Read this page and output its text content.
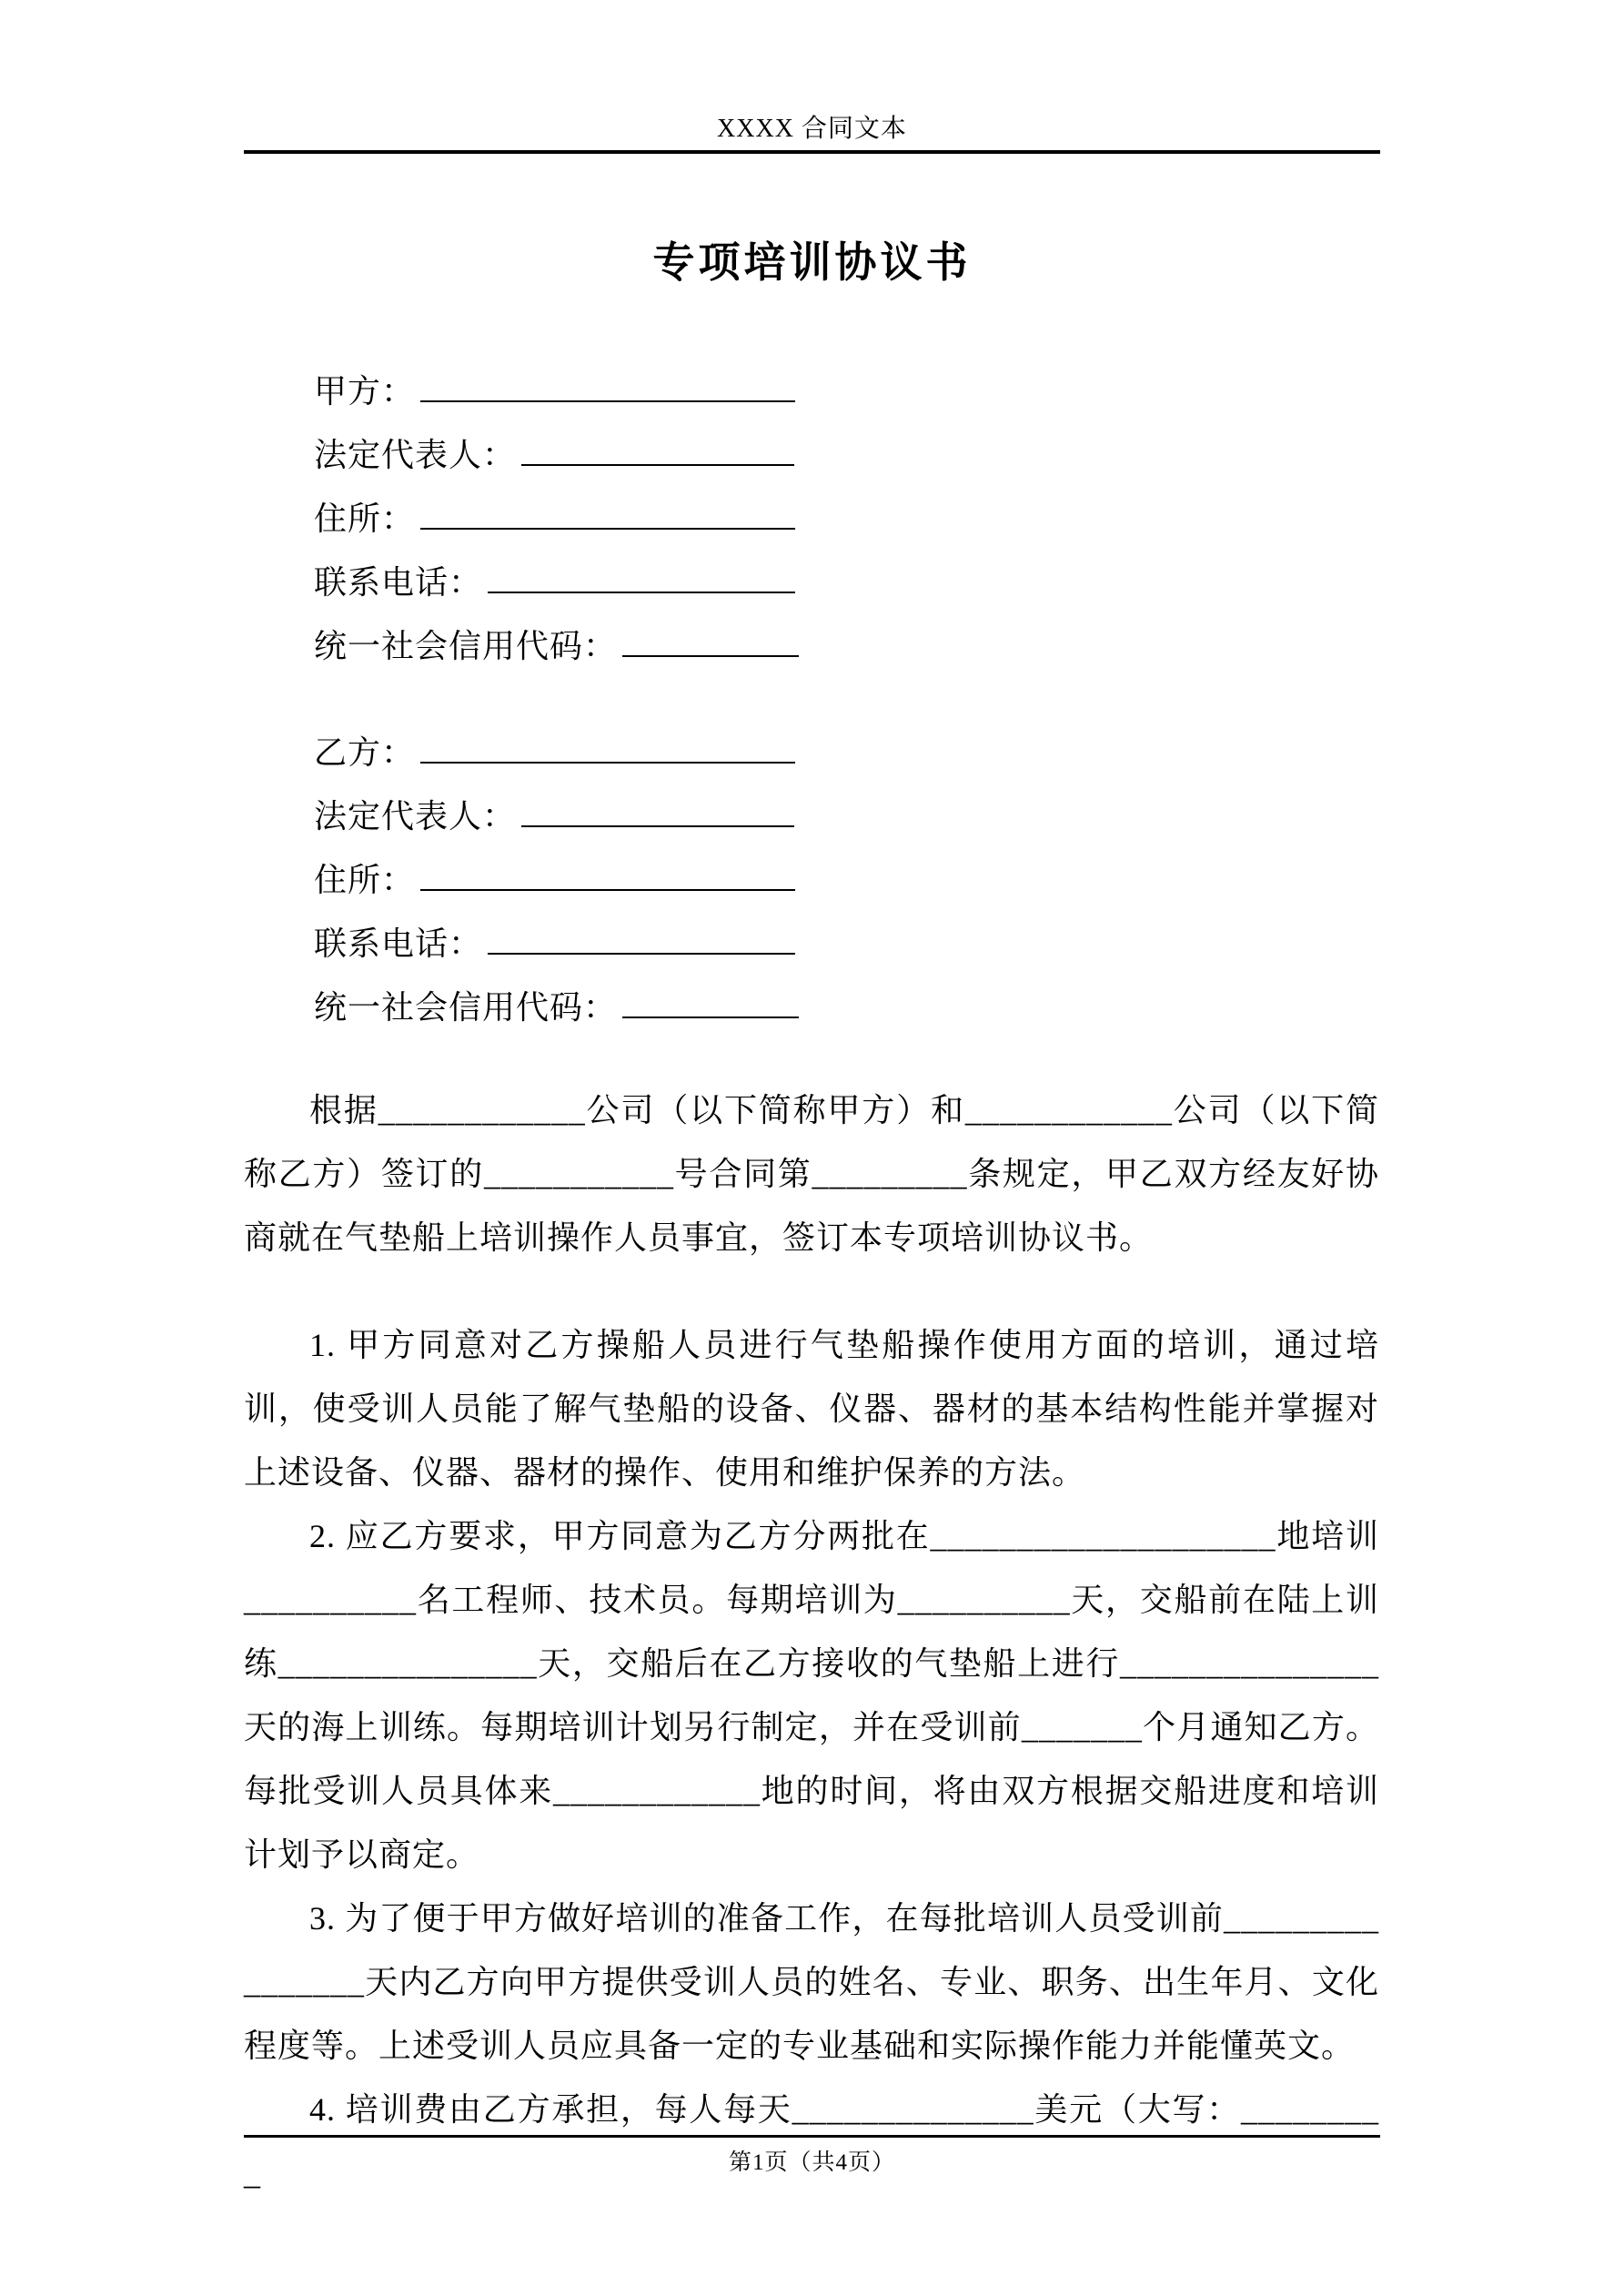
XXXX 合同文本
专项培训协议书
甲方：
法定代表人：
住所：
联系电话：
统一社会信用代码：
乙方：
法定代表人：
住所：
联系电话：
统一社会信用代码：

根据____________公司（以下简称甲方）和____________公司（以下简称乙方）签订的___________号合同第_________条规定，甲乙双方经友好协商就在气垫船上培训操作人员事宜，签订本专项培训协议书。

1. 甲方同意对乙方操船人员进行气垫船操作使用方面的培训，通过培训，使受训人员能了解气垫船的设备、仪器、器材的基本结构性能并掌握对上述设备、仪器、器材的操作、使用和维护保养的方法。

2. 应乙方要求，甲方同意为乙方分两批在____________________地培训__________名工程师、技术员。每期培训为__________天，交船前在陆上训练_______________天，交船后在乙方接收的气垫船上进行_______________天的海上训练。每期培训计划另行制定，并在受训前_______个月通知乙方。每批受训人员具体来____________地的时间，将由双方根据交船进度和培训计划予以商定。

3. 为了便于甲方做好培训的准备工作，在每批培训人员受训前________________天内乙方向甲方提供受训人员的姓名、专业、职务、出生年月、文化程度等。上述受训人员应具备一定的专业基础和实际操作能力并能懂英文。

4. 培训费由乙方承担，每人每天______________美元（大写：_________	第1页（共4页）
